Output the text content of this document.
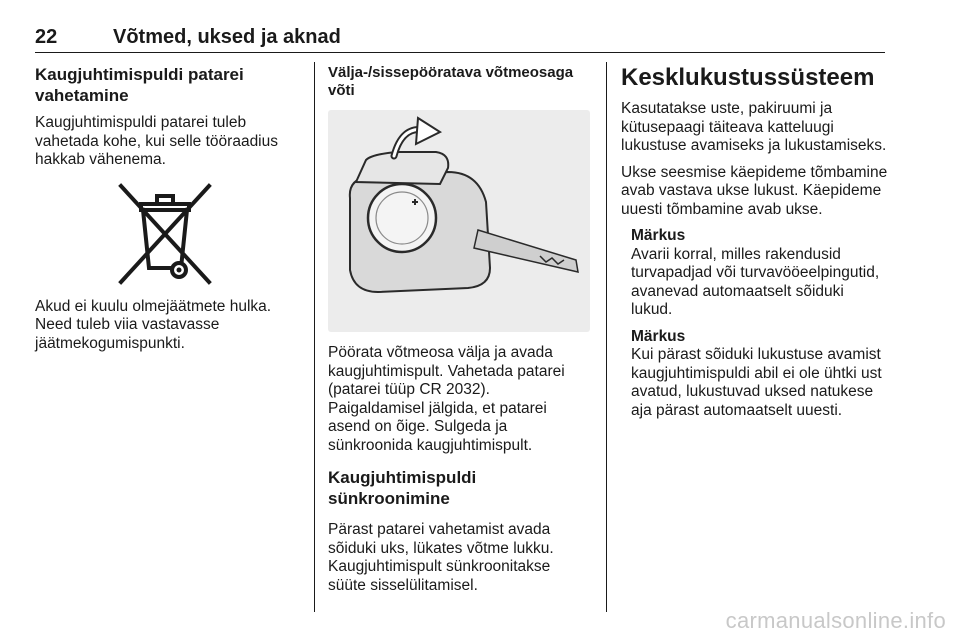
22	Võtmed, uksed ja aknad
Kaugjuhtimispuldi patarei vahetamine

Kaugjuhtimispuldi patarei tuleb vahetada kohe, kui selle tööraadius hakkab vähenema.

Akud ei kuulu olmejäätmete hulka. Need tuleb viia vastavasse jäätmekogumispunkti.

Välja-/sissepööratava võtmeosaga võti

Pöörata võtmeosa välja ja avada kaugjuhtimispult. Vahetada patarei (patarei tüüp CR 2032). Paigaldamisel jälgida, et patarei asend on õige. Sulgeda ja sünkroonida kaugjuhtimispult.

Kaugjuhtimispuldi sünkroonimine

Pärast patarei vahetamist avada sõiduki uks, lükates võtme lukku. Kaugjuhtimispult sünkroonitakse süüte sisselülitamisel.

Kesklukustussüsteem

Kasutatakse uste, pakiruumi ja kütusepaagi täiteava katteluugi lukustuse avamiseks ja lukustamiseks.

Ukse seesmise käepideme tõmbamine avab vastava ukse lukust. Käepideme uuesti tõmbamine avab ukse.

Märkus

Avarii korral, milles rakendusid turvapadjad või turvavööeelpingutid, avanevad automaatselt sõiduki lukud.

Märkus

Kui pärast sõiduki lukustuse avamist kaugjuhtimispuldi abil ei ole ühtki ust avatud, lukustuvad uksed natukese aja pärast automaatselt uuesti.

carmanualsonline.info
